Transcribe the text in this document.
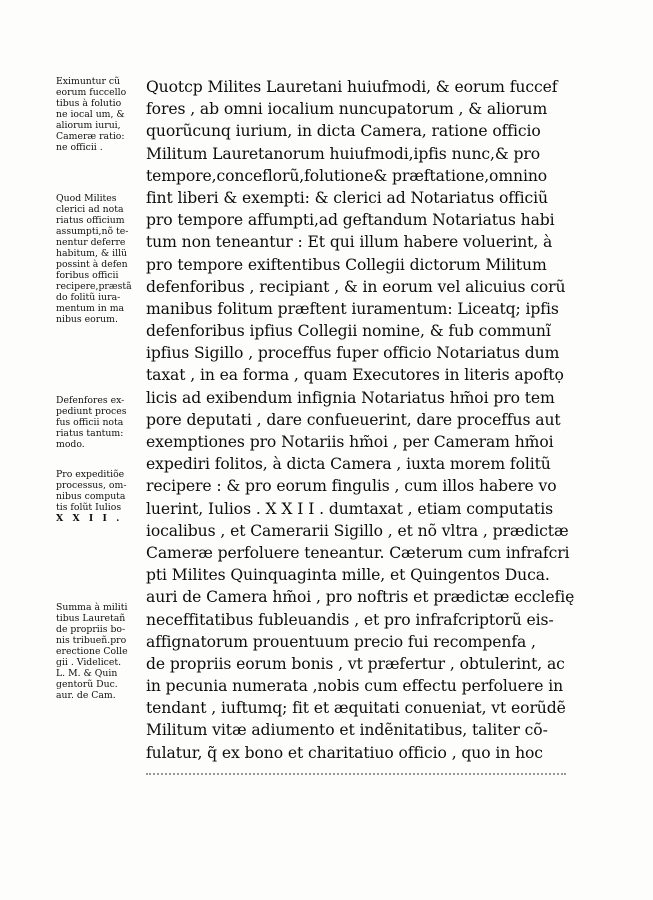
Eximuntur cũ
eorum fuccello
tibus à folutio
ne iocal um, &
aliorum iurui,
Cameræ ratio:
ne officii .
Quod Milites
clerici ad nota
riatus officium
assumpti,nõ te-
nentur deferre
habitum, & illü
possint à defen
foribus officii
recipere,præstã
do folitũ iura-
mentum in ma
nibus eorum.
Defenfores ex-
pediunt proces
fus officii nota
riatus tantum:
modo.
Pro expeditiõe
processus, om-
nibus computa
tis folũt Iulios
X X I I .
Summa à militi
tibus Lauretañ
de propriis bo-
nis tribueñ.pro
erectione Colle
gii . Videlicet.
L. M. & Quin
gentorũ Duc.
aur. de Cam.
Quotcp Milites Lauretani huiufmodi, & eorum fuccef
fores , ab omni iocalium nuncupatorum , & aliorum
quorũcunq iurium, in dicta Camera, ratione officio
Militum Lauretanorum huiufmodi,ipfis nunc,& pro
tempore,conceflorũ,folutione& præftatione,omnino
fint liberi & exempti: & clerici ad Notariatus officiũ
pro tempore affumpti,ad geftandum Notariatus habi
tum non teneantur : Et qui illum habere voluerint, à
pro tempore exiftentibus Collegii dictorum Militum
defenforibus , recipiant , & in eorum vel alicuius corũ
manibus folitum præftent iuramentum: Liceatq; ipfis
defenforibus ipfius Collegii nomine, & fub communĩ
ipfius Sigillo , proceffus fuper officio Notariatus dum
taxat , in ea forma , quam Executores in literis apoftọ
licis ad exibendum infignia Notariatus hm̃oi pro tem
pore deputati , dare confueuerint, dare proceffus aut
exemptiones pro Notariis hm̃oi , per Cameram hm̃oi
expediri folitos, à dicta Camera , iuxta morem folitũ
recipere : & pro eorum fingulis , cum illos habere vo
luerint, Iulios . X X I I . dumtaxat , etiam computatis
iocalibus , et Camerarii Sigillo , et nõ vltra , prædictæ
Cameræ perfoluere teneantur. Cæterum cum infrafcri
pti Milites Quinquaginta mille, et Quingentos Duca.
auri de Camera hm̃oi , pro noftris et prædictæ ecclefię
neceffitatibus fubleuandis , et pro infrafcriptorũ eis-
affignatorum prouentuum precio fui recompenfa ,
de propriis eorum bonis , vt præfertur , obtulerint, ac
in pecunia numerata ,nobis cum effectu perfoluere in
tendant , iuftumq; fit et æquitati conueniat, vt eorũdẽ
Militum vitæ adiumento et indẽnitatibus, taliter cõ-
fulatur, q̃ ex bono et charitatiuo officio , quo in hoc
